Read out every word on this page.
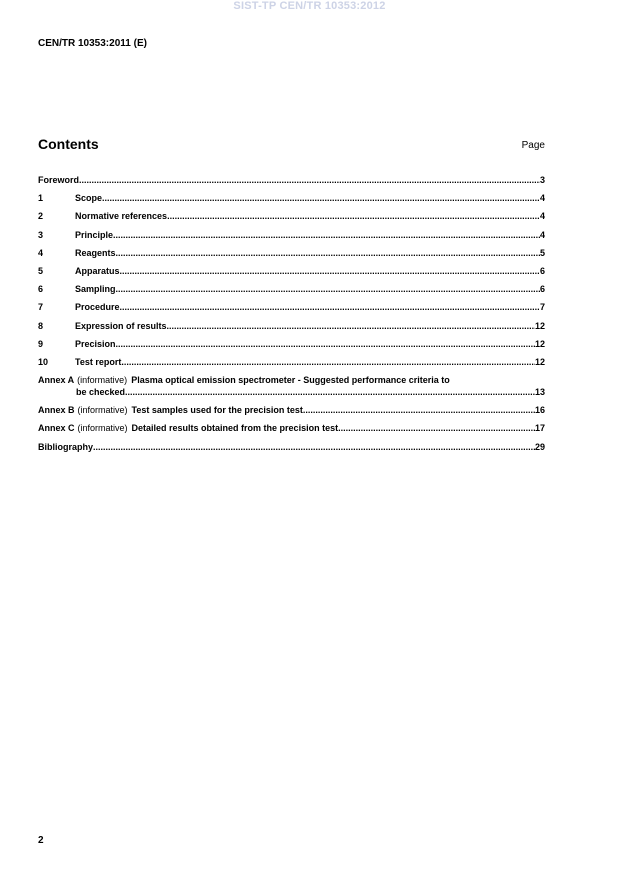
SIST-TP CEN/TR 10353:2012
CEN/TR 10353:2011 (E)
Contents	Page
Foreword .....	3
1	Scope .....	4
2	Normative references .....	4
3	Principle .....	4
4	Reagents .....	5
5	Apparatus .....	6
6	Sampling .....	6
7	Procedure .....	7
8	Expression of results .....	12
9	Precision .....	12
10	Test report .....	12
Annex A (informative) Plasma optical emission spectrometer - Suggested performance criteria to
be checked .....	13
Annex B (informative) Test samples used for the precision test .....	16
Annex C (informative) Detailed results obtained from the precision test .....	17
Bibliography .....	29
2
